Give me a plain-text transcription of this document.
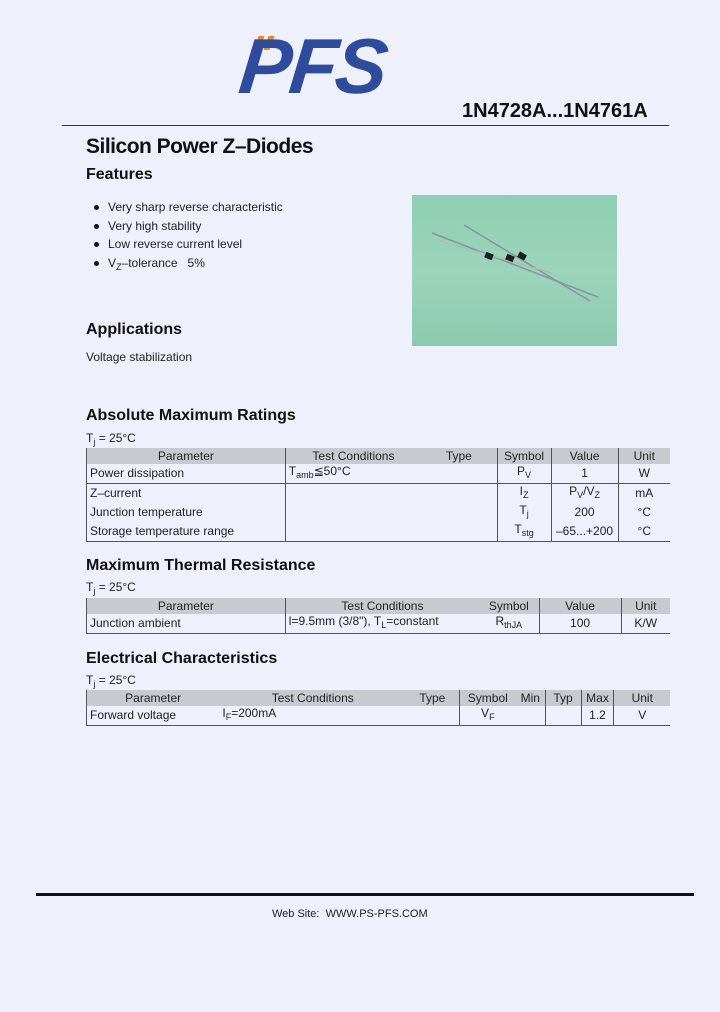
PFS
1N4728A...1N4761A
Silicon Power Z–Diodes
Features
Very sharp reverse characteristic
Very high stability
Low reverse current level
$V_Z$–tolerance   5%
Applications
Voltage stabilization
Absolute Maximum Ratings
$T_j = 25^\circ C$
Parameter	Test Conditions	Type	Symbol	Value	Unit
Power dissipation	$T_{amb}≦50^\circ C$		$P_V$	1	W
Z–current			$I_Z$	$P_V/V_Z$	mA
Junction temperature			$T_j$	200	°C
Storage temperature range			$T_{stg}$	–65...+200	°C
Maximum Thermal Resistance
$T_j = 25^\circ C$
Parameter	Test Conditions	Symbol	Value	Unit
Junction ambient	l=9.5mm (3/8"), $T_L=constant$	$R_{thJA}$	100	K/W
Electrical Characteristics
$T_j = 25^\circ C$
Parameter	Test Conditions	Type	Symbol	Min	Typ	Max	Unit
Forward voltage	$I_F=200mA$		$V_F$			1.2	V
Web Site:  WWW.PS-PFS.COM
